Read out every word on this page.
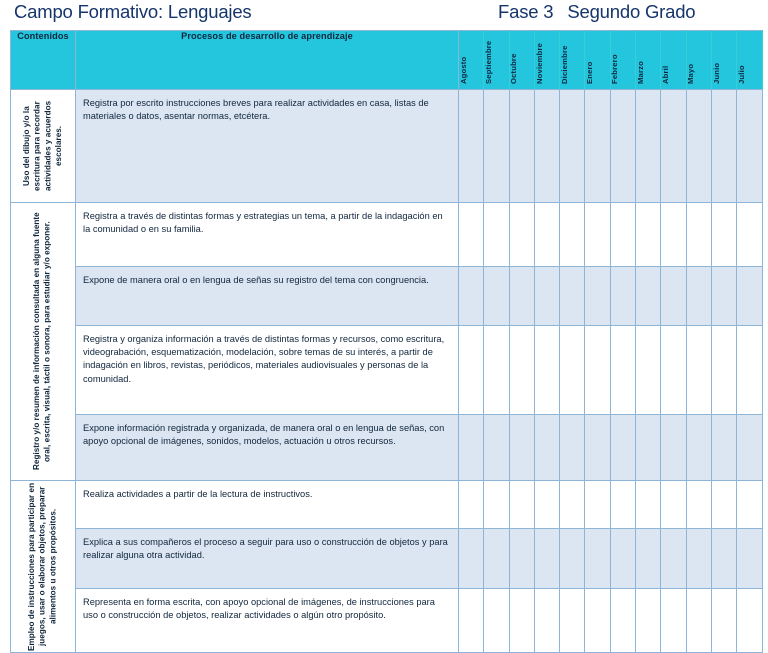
Campo Formativo: Lenguajes	Fase 3 Segundo Grado
Contenidos	Procesos de desarrollo de aprendizaje	Agosto	Septiembre	Octubre	Noviembre	Diciembre	Enero	Febrero	Marzo	Abril	Mayo	Junio	Julio

Uso del dibujo y/o la escritura para recordar actividades y acuerdos escolares.	Registra por escrito instrucciones breves para realizar actividades en casa, listas de materiales o datos, asentar normas, etcétera.												

Registro y/o resumen de información consultada en alguna fuente oral, escrita, visual, táctil o sonora, para estudiar y/o exponer.	Registra a través de distintas formas y estrategias un tema, a partir de la indagación en la comunidad o en su familia.												
	Expone de manera oral o en lengua de señas su registro del tema con congruencia.												
	Registra y organiza información a través de distintas formas y recursos, como escritura, videograbación, esquematización, modelación, sobre temas de su interés, a partir de indagación en libros, revistas, periódicos, materiales audiovisuales y personas de la comunidad.												
	Expone información registrada y organizada, de manera oral o en lengua de señas, con apoyo opcional de imágenes, sonidos, modelos, actuación u otros recursos.												

Empleo de instrucciones para participar en juegos, usar o elaborar objetos, preparar alimentos u otros propósitos.	Realiza actividades a partir de la lectura de instructivos.												
	Explica a sus compañeros el proceso a seguir para uso o construcción de objetos y para realizar alguna otra actividad.												
	Representa en forma escrita, con apoyo opcional de imágenes, de instrucciones para uso o construcción de objetos, realizar actividades o algún otro propósito.												
